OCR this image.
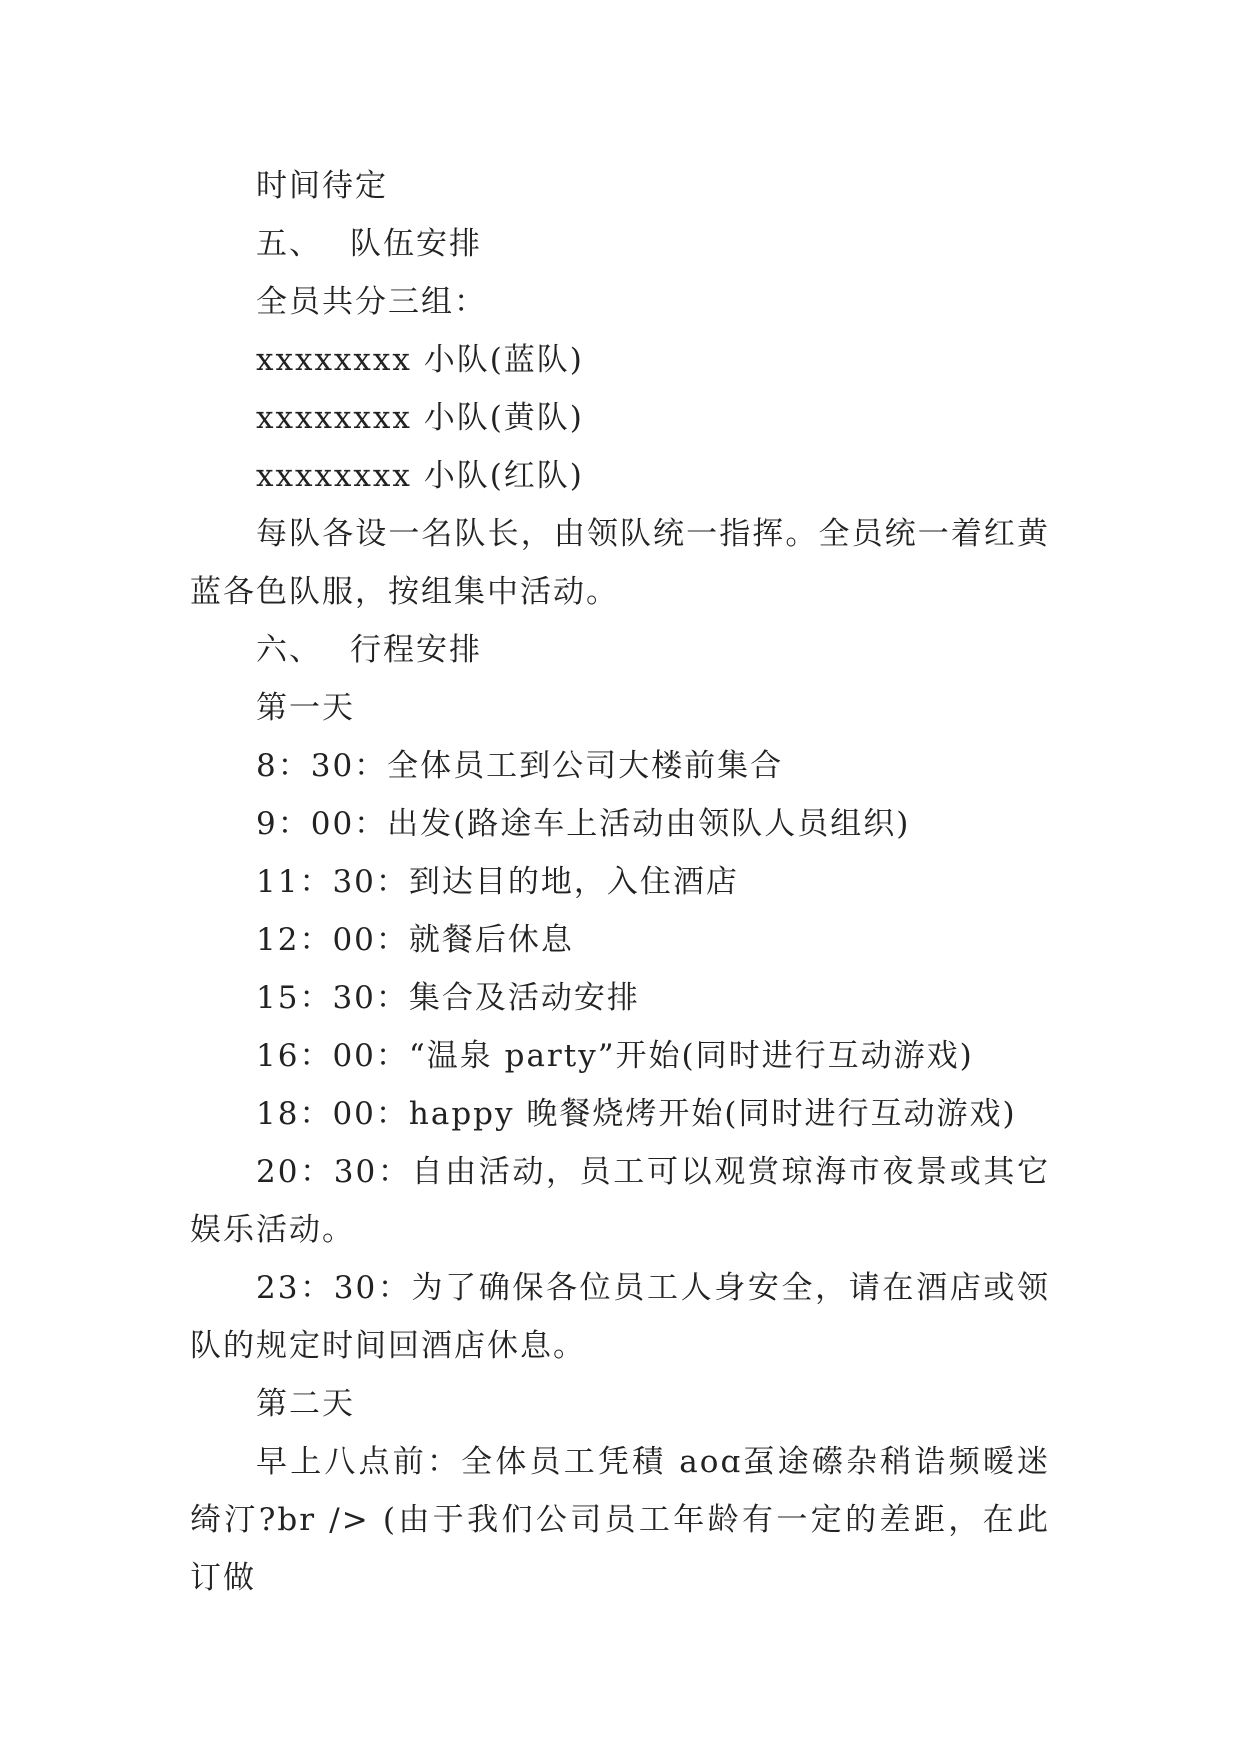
时间待定

五、 队伍安排

全员共分三组：

xxxxxxxx 小队(蓝队)

xxxxxxxx 小队(黄队)

xxxxxxxx 小队(红队)

每队各设一名队长，由领队统一指挥。全员统一着红黄蓝各色队服，按组集中活动。

六、 行程安排

第一天

8：30：全体员工到公司大楼前集合

9：00：出发(路途车上活动由领队人员组织)

11：30：到达目的地，入住酒店

12：00：就餐后休息

15：30：集合及活动安排

16：00：“温泉 party”开始(同时进行互动游戏)

18：00：happy 晚餐烧烤开始(同时进行互动游戏)

20：30：自由活动，员工可以观赏琼海市夜景或其它娱乐活动。

23：30：为了确保各位员工人身安全，请在酒店或领队的规定时间回酒店休息。

第二天

早上八点前：全体员工凭積 aoɑ虿途礤杂稍诰频暧迷绮汀?br /> (由于我们公司员工年龄有一定的差距，在此订做
